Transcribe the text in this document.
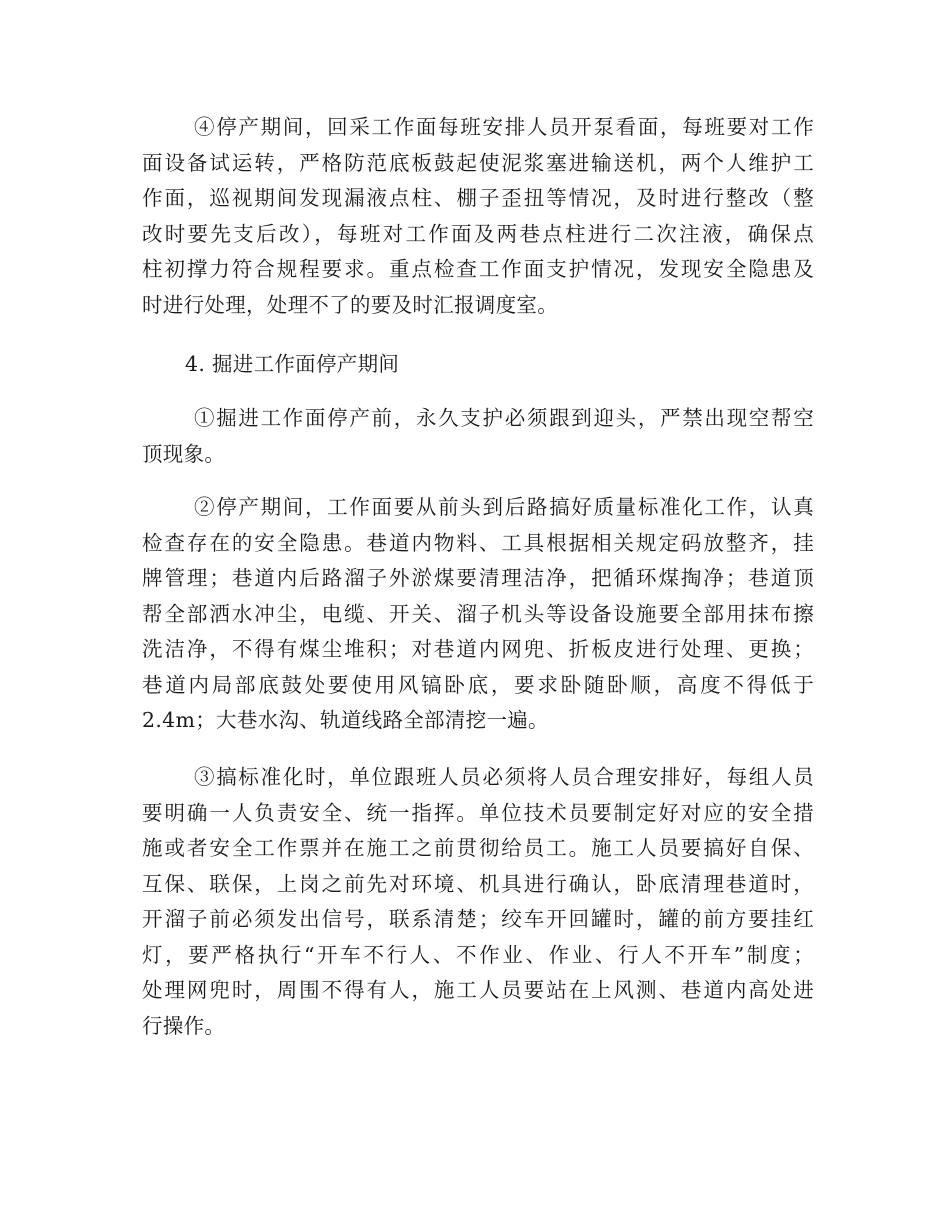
④停产期间，回采工作面每班安排人员开泵看面，每班要对工作
面设备试运转，严格防范底板鼓起使泥浆塞进输送机，两个人维护工
作面，巡视期间发现漏液点柱、棚子歪扭等情况，及时进行整改（整
改时要先支后改），每班对工作面及两巷点柱进行二次注液，确保点
柱初撑力符合规程要求。重点检查工作面支护情况，发现安全隐患及
时进行处理，处理不了的要及时汇报调度室。
4. 掘进工作面停产期间
①掘进工作面停产前，永久支护必须跟到迎头，严禁出现空帮空
顶现象。
②停产期间，工作面要从前头到后路搞好质量标准化工作，认真
检查存在的安全隐患。巷道内物料、工具根据相关规定码放整齐，挂
牌管理；巷道内后路溜子外淤煤要清理洁净，把循环煤掏净；巷道顶
帮全部洒水冲尘，电缆、开关、溜子机头等设备设施要全部用抹布擦
洗洁净，不得有煤尘堆积；对巷道内网兜、折板皮进行处理、更换；
巷道内局部底鼓处要使用风镐卧底，要求卧随卧顺，高度不得低于
2.4m；大巷水沟、轨道线路全部清挖一遍。
③搞标准化时，单位跟班人员必须将人员合理安排好，每组人员
要明确一人负责安全、统一指挥。单位技术员要制定好对应的安全措
施或者安全工作票并在施工之前贯彻给员工。施工人员要搞好自保、
互保、联保，上岗之前先对环境、机具进行确认，卧底清理巷道时，
开溜子前必须发出信号，联系清楚；绞车开回罐时，罐的前方要挂红
灯，要严格执行“开车不行人、不作业、作业、行人不开车”制度；
处理网兜时，周围不得有人，施工人员要站在上风测、巷道内高处进
行操作。
